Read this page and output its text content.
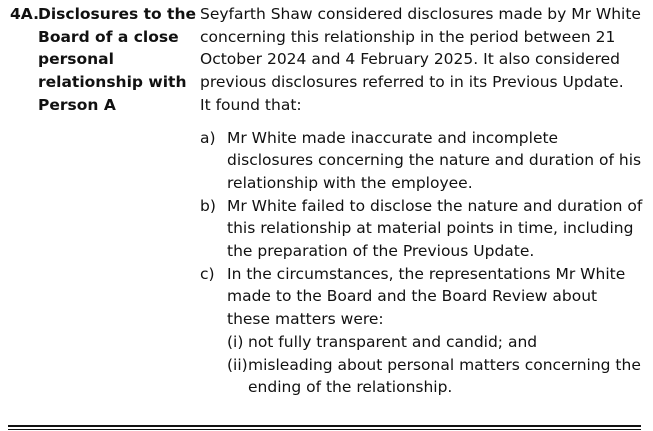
4A.Disclosures to the
Board of a close personal relationship with Person A

Seyfarth Shaw considered disclosures made by Mr White concerning this relationship in the period between 21 October 2024 and 4 February 2025. It also considered previous disclosures referred to in its Previous Update.

It found that:

a) Mr White made inaccurate and incomplete disclosures concerning the nature and duration of his relationship with the employee.
b) Mr White failed to disclose the nature and duration of this relationship at material points in time, including the preparation of the Previous Update.
c) In the circumstances, the representations Mr White made to the Board and the Board Review about these matters were:
(i) not fully transparent and candid; and
(ii) misleading about personal matters concerning the ending of the relationship.
